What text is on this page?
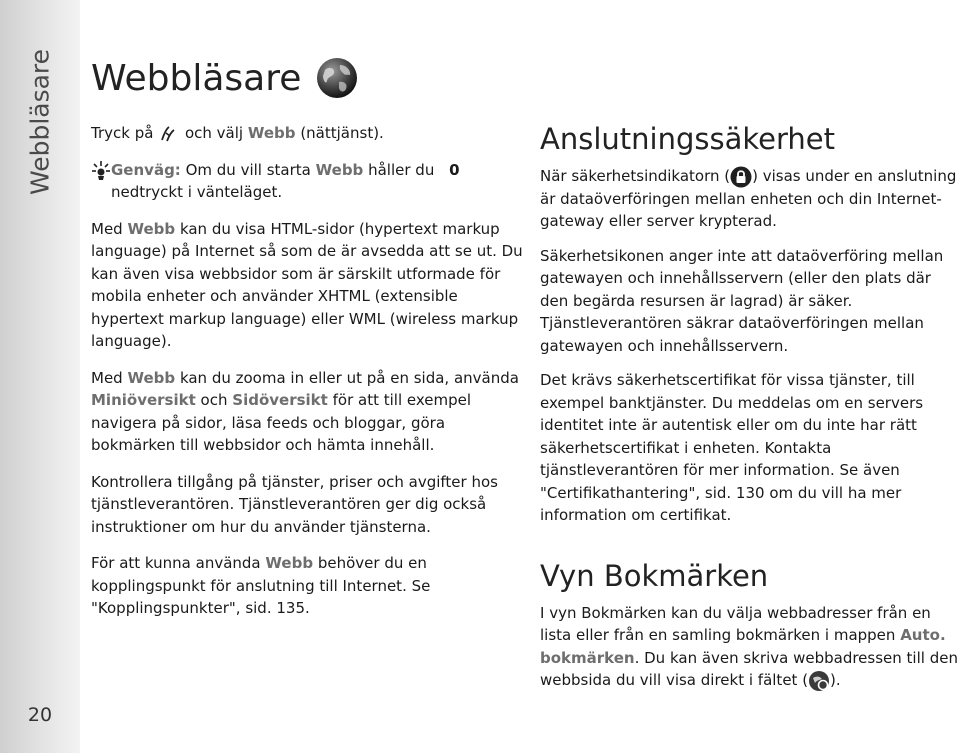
Webbläsare
20
Webbläsare

Tryck på och välj Webb (nättjänst).

Genväg: Om du vill starta Webb håller du 0 nedtryckt i vänteläget.

Med Webb kan du visa HTML-sidor (hypertext markup language) på Internet så som de är avsedda att se ut. Du kan även visa webbsidor som är särskilt utformade för mobila enheter och använder XHTML (extensible hypertext markup language) eller WML (wireless markup language).

Med Webb kan du zooma in eller ut på en sida, använda Miniöversikt och Sidöversikt för att till exempel navigera på sidor, läsa feeds och bloggar, göra bokmärken till webbsidor och hämta innehåll.

Kontrollera tillgång på tjänster, priser och avgifter hos tjänstleverantören. Tjänstleverantören ger dig också instruktioner om hur du använder tjänsterna.

För att kunna använda Webb behöver du en kopplingspunkt för anslutning till Internet. Se "Kopplingspunkter", sid. 135.

Anslutningssäkerhet

När säkerhetsindikatorn ( ) visas under en anslutning är dataöverföringen mellan enheten och din Internet-gateway eller server krypterad.

Säkerhetsikonen anger inte att dataöverföring mellan gatewayen och innehållsservern (eller den plats där den begärda resursen är lagrad) är säker. Tjänstleverantören säkrar dataöverföringen mellan gatewayen och innehållsservern.

Det krävs säkerhetscertifikat för vissa tjänster, till exempel banktjänster. Du meddelas om en servers identitet inte är autentisk eller om du inte har rätt säkerhetscertifikat i enheten. Kontakta tjänstleverantören för mer information. Se även "Certifikathantering", sid. 130 om du vill ha mer information om certifikat.

Vyn Bokmärken

I vyn Bokmärken kan du välja webbadresser från en lista eller från en samling bokmärken i mappen Auto. bokmärken. Du kan även skriva webbadressen till den webbsida du vill visa direkt i fältet ( ).
